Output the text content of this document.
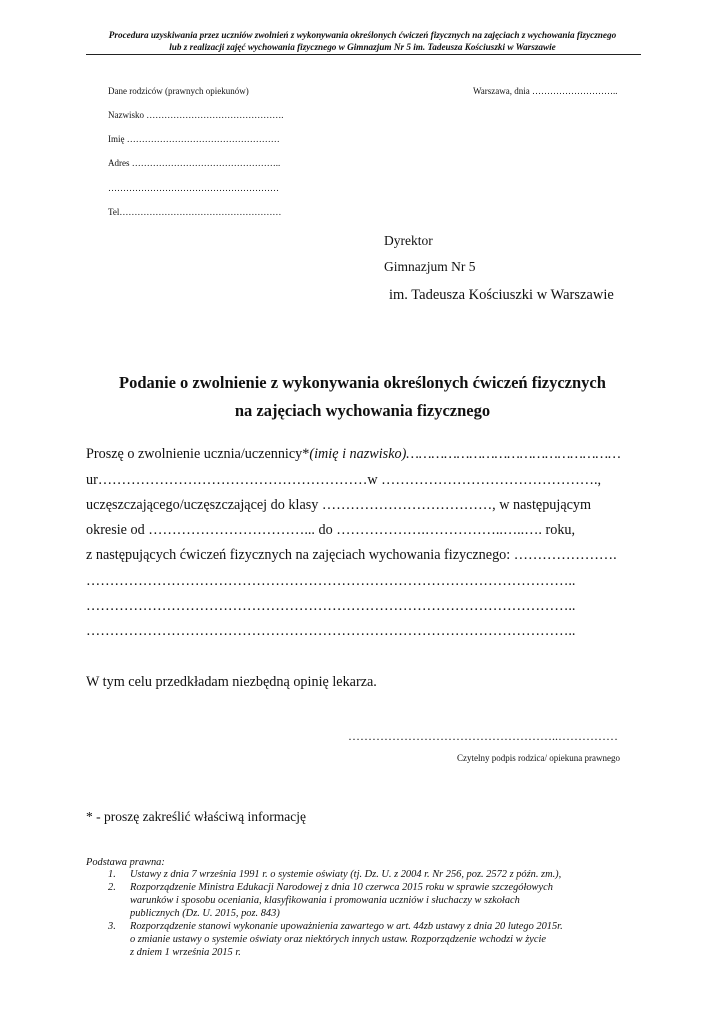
Procedura uzyskiwania przez uczniów zwolnień z wykonywania określonych ćwiczeń fizycznych na zajęciach z wychowania fizycznego
lub z realizacji zajęć wychowania fizycznego w Gimnazjum Nr 5 im. Tadeusza Kościuszki w Warszawie
Dane rodziców (prawnych opiekunów)
Nazwisko ……………………………………….
Imię ……………………………………………
Adres …………………………………………..
…………………………………………………
Tel………………………………………………
Warszawa, dnia ………………………..
Dyrektor
Gimnazjum Nr 5
im. Tadeusza Kościuszki w Warszawie
Podanie o zwolnienie z wykonywania określonych ćwiczeń fizycznych
na zajęciach wychowania fizycznego
Proszę o zwolnienie ucznia/uczennicy*(imię i nazwisko)……………………………………………
ur…………………………………………………w ……………………………………….,
uczęszczającego/uczęszczającej do klasy ………………………………, w następującym
okresie od ……………………………... do ……………….……………..…..…. roku,
z następujących ćwiczeń fizycznych na zajęciach wychowania fizycznego: ………………….
…………………………………………………………………………………………..
…………………………………………………………………………………………..
…………………………………………………………………………………………..
W tym celu przedkładam niezbędną opinię lekarza.
……………………………………………..……………
Czytelny podpis rodzica/ opiekuna prawnego
* - proszę zakreślić właściwą informację
Podstawa prawna:
1. Ustawy z dnia 7 września 1991 r. o systemie oświaty (tj. Dz. U. z 2004 r. Nr 256, poz. 2572 z późn. zm.),
2. Rozporządzenie Ministra Edukacji Narodowej z dnia 10 czerwca 2015 roku w sprawie szczegółowych
warunków i sposobu oceniania, klasyfikowania i promowania uczniów i słuchaczy w szkołach
publicznych (Dz. U. 2015, poz. 843)
3. Rozporządzenie stanowi wykonanie upoważnienia zawartego w art. 44zb ustawy z dnia 20 lutego 2015r.
o zmianie ustawy o systemie oświaty oraz niektórych innych ustaw. Rozporządzenie wchodzi w życie
z dniem 1 września 2015 r.
